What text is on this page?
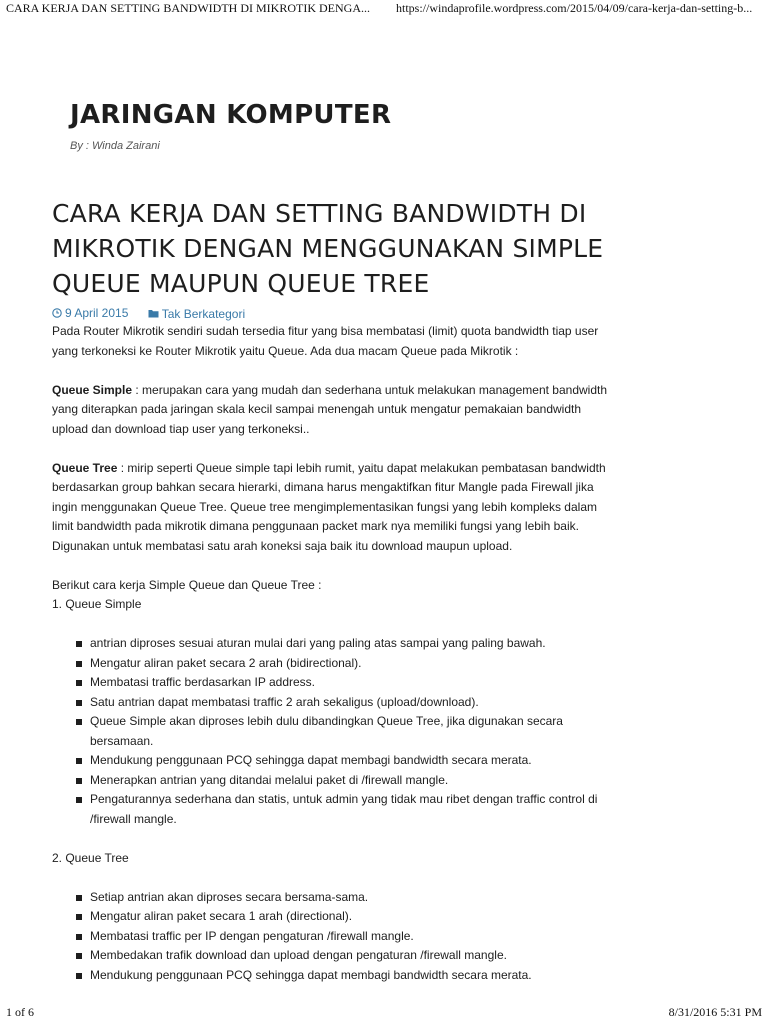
CARA KERJA DAN SETTING BANDWIDTH DI MIKROTIK DENGA... https://windaprofile.wordpress.com/2015/04/09/cara-kerja-dan-setting-b...
JARINGAN KOMPUTER
By : Winda Zairani
CARA KERJA DAN SETTING BANDWIDTH DI MIKROTIK DENGAN MENGGUNAKAN SIMPLE QUEUE MAUPUN QUEUE TREE
9 April 2015
	Tak Berkategori

Pada Router Mikrotik sendiri sudah tersedia fitur yang bisa membatasi (limit) quota bandwidth tiap user yang terkoneksi ke Router Mikrotik yaitu Queue. Ada dua macam Queue pada Mikrotik :

Queue Simple : merupakan cara yang mudah dan sederhana untuk melakukan management bandwidth yang diterapkan pada jaringan skala kecil sampai menengah untuk mengatur pemakaian bandwidth upload dan download tiap user yang terkoneksi..

Queue Tree : mirip seperti Queue simple tapi lebih rumit, yaitu dapat melakukan pembatasan bandwidth berdasarkan group bahkan secara hierarki, dimana harus mengaktifkan fitur Mangle pada Firewall jika ingin menggunakan Queue Tree. Queue tree mengimplementasikan fungsi yang lebih kompleks dalam limit bandwidth pada mikrotik dimana penggunaan packet mark nya memiliki fungsi yang lebih baik. Digunakan untuk membatasi satu arah koneksi saja baik itu download maupun upload.

Berikut cara kerja Simple Queue dan Queue Tree :

1. Queue Simple

antrian diproses sesuai aturan mulai dari yang paling atas sampai yang paling bawah.
Mengatur aliran paket secara 2 arah (bidirectional).
Membatasi traffic berdasarkan IP address.
Satu antrian dapat membatasi traffic 2 arah sekaligus (upload/download).
Queue Simple akan diproses lebih dulu dibandingkan Queue Tree, jika digunakan secara bersamaan.
Mendukung penggunaan PCQ sehingga dapat membagi bandwidth secara merata.
Menerapkan antrian yang ditandai melalui paket di /firewall mangle.
Pengaturannya sederhana dan statis, untuk admin yang tidak mau ribet dengan traffic control di /firewall mangle.

2. Queue Tree

Setiap antrian akan diproses secara bersama-sama.
Mengatur aliran paket secara 1 arah (directional).
Membatasi traffic per IP dengan pengaturan /firewall mangle.
Membedakan trafik download dan upload dengan pengaturan /firewall mangle.
Mendukung penggunaan PCQ sehingga dapat membagi bandwidth secara merata.
1 of 6	8/31/2016 5:31 PM
